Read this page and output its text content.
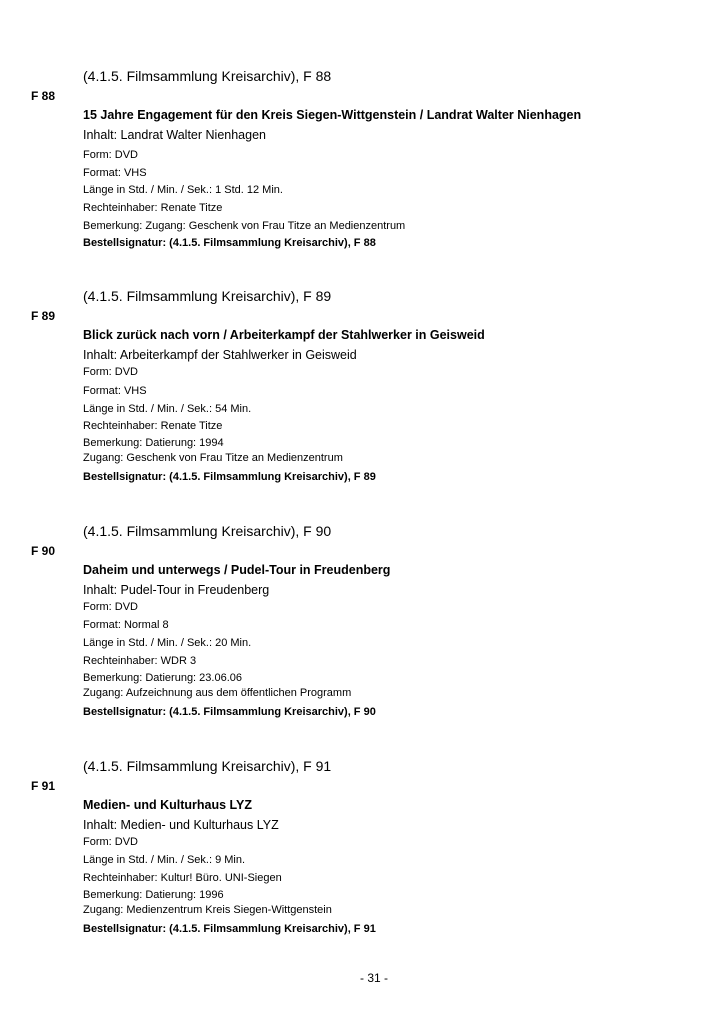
(4.1.5. Filmsammlung Kreisarchiv), F 88
F 88
15 Jahre Engagement für den Kreis Siegen-Wittgenstein / Landrat Walter Nienhagen
Inhalt: Landrat Walter Nienhagen
Form: DVD
Format: VHS
Länge in Std. / Min. / Sek.: 1 Std. 12 Min.
Rechteinhaber: Renate Titze
Bemerkung: Zugang: Geschenk von Frau Titze an Medienzentrum
Bestellsignatur: (4.1.5. Filmsammlung Kreisarchiv), F 88
(4.1.5. Filmsammlung Kreisarchiv), F 89
F 89
Blick zurück nach vorn / Arbeiterkampf der Stahlwerker in Geisweid
Inhalt: Arbeiterkampf der Stahlwerker in Geisweid
Form: DVD
Format: VHS
Länge in Std. / Min. / Sek.: 54 Min.
Rechteinhaber: Renate Titze
Bemerkung: Datierung: 1994
Zugang: Geschenk von Frau Titze an Medienzentrum
Bestellsignatur: (4.1.5. Filmsammlung Kreisarchiv), F 89
(4.1.5. Filmsammlung Kreisarchiv), F 90
F 90
Daheim und unterwegs / Pudel-Tour in Freudenberg
Inhalt: Pudel-Tour in Freudenberg
Form: DVD
Format: Normal 8
Länge in Std. / Min. / Sek.: 20 Min.
Rechteinhaber: WDR 3
Bemerkung: Datierung: 23.06.06
Zugang: Aufzeichnung aus dem öffentlichen Programm
Bestellsignatur: (4.1.5. Filmsammlung Kreisarchiv), F 90
(4.1.5. Filmsammlung Kreisarchiv), F 91
F 91
Medien- und Kulturhaus LYZ
Inhalt: Medien- und Kulturhaus LYZ
Form: DVD
Länge in Std. / Min. / Sek.: 9 Min.
Rechteinhaber: Kultur! Büro. UNI-Siegen
Bemerkung: Datierung: 1996
Zugang: Medienzentrum Kreis Siegen-Wittgenstein
Bestellsignatur: (4.1.5. Filmsammlung Kreisarchiv), F 91
- 31 -
